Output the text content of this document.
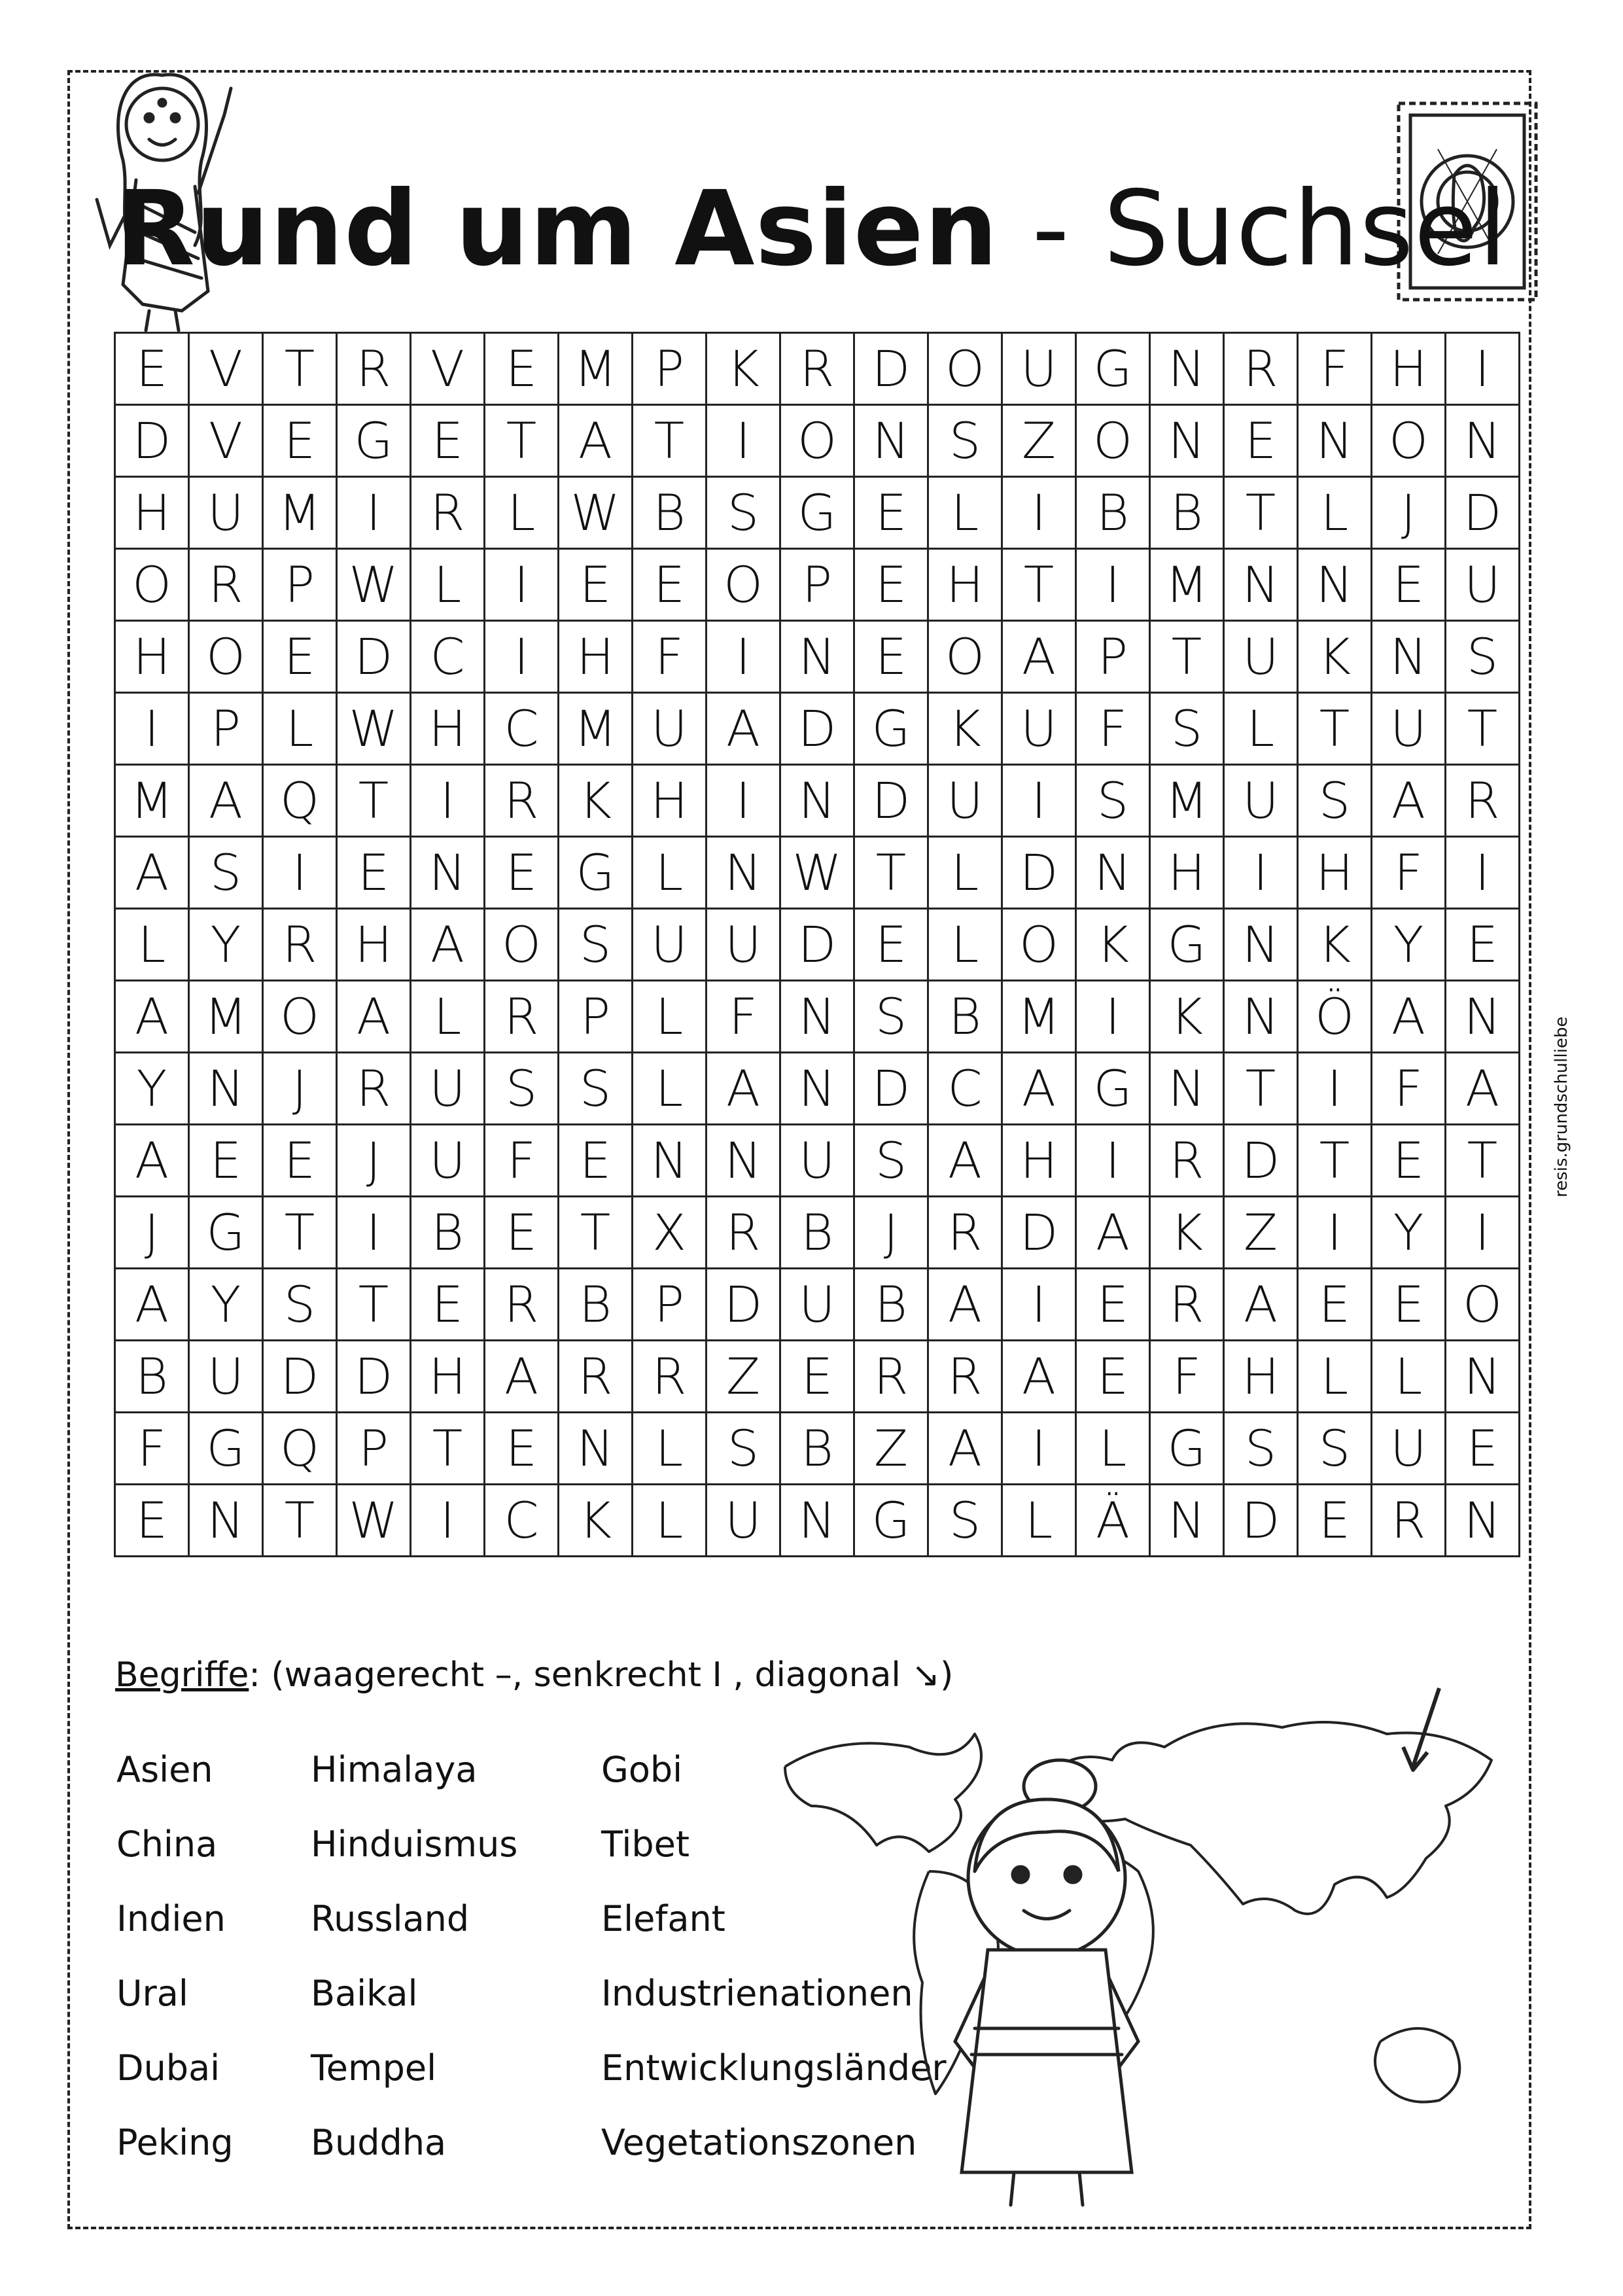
Rund um Asien - Suchsel
E	V	T	R	V	E	M	P	K	R	D	O	U	G	N	R	F	H	I
D	V	E	G	E	T	A	T	I	O	N	S	Z	O	N	E	N	O	N
H	U	M	I	R	L	W	B	S	G	E	L	I	B	B	T	L	J	D
O	R	P	W	L	I	E	E	O	P	E	H	T	I	M	N	N	E	U
H	O	E	D	C	I	H	F	I	N	E	O	A	P	T	U	K	N	S
I	P	L	W	H	C	M	U	A	D	G	K	U	F	S	L	T	U	T
M	A	Q	T	I	R	K	H	I	N	D	U	I	S	M	U	S	A	R
A	S	I	E	N	E	G	L	N	W	T	L	D	N	H	I	H	F	I
L	Y	R	H	A	O	S	U	U	D	E	L	O	K	G	N	K	Y	E
A	M	O	A	L	R	P	L	F	N	S	B	M	I	K	N	Ö	A	N
Y	N	J	R	U	S	S	L	A	N	D	C	A	G	N	T	I	F	A
A	E	E	J	U	F	E	N	N	U	S	A	H	I	R	D	T	E	T
J	G	T	I	B	E	T	X	R	B	J	R	D	A	K	Z	I	Y	I
A	Y	S	T	E	R	B	P	D	U	B	A	I	E	R	A	E	E	O
B	U	D	D	H	A	R	R	Z	E	R	R	A	E	F	H	L	L	N
F	G	Q	P	T	E	N	L	S	B	Z	A	I	L	G	S	S	U	E
E	N	T	W	I	C	K	L	U	N	G	S	L	Ä	N	D	E	R	N
resis.grundschulliebe
Begriffe: (waagerecht –, senkrecht I , diagonal ↘)
Asien
China
Indien
Ural
Dubai
Peking
Himalaya
Hinduismus
Russland
Baikal
Tempel
Buddha
Gobi
Tibet
Elefant
Industrienationen
Entwicklungsländer
Vegetationszonen
